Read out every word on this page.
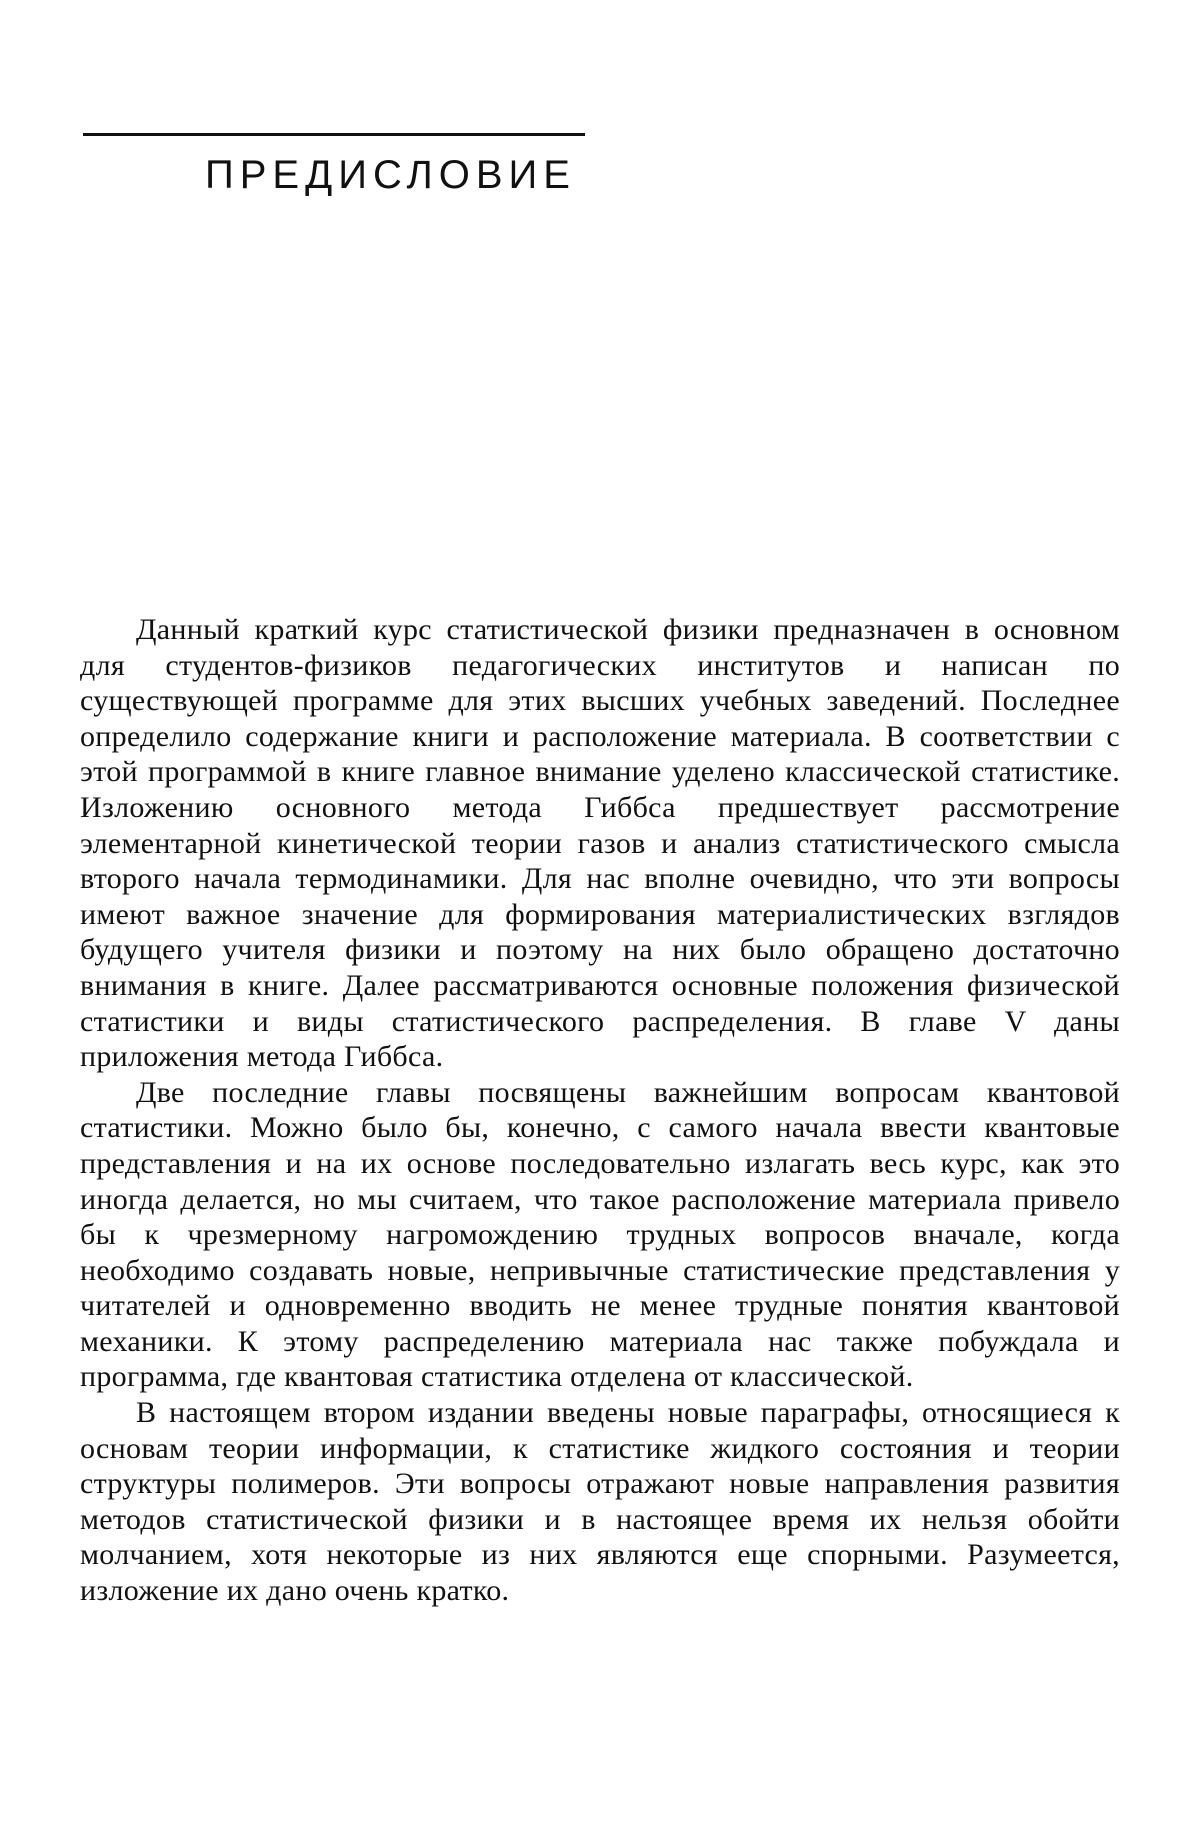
ПРЕДИСЛОВИЕ

Данный краткий курс статистической физики предназначен в основном для студентов-физиков педагогических институтов и написан по существующей программе для этих высших учебных заведений. Последнее определило содержание книги и расположение материала. В соответствии с этой программой в книге главное внимание уделено классической статистике. Изложению основного метода Гиббса предшествует рассмотрение элементарной кинетической теории газов и анализ статистического смысла второго начала термодинамики. Для нас вполне очевидно, что эти вопросы имеют важное значение для формирования материалистических взглядов будущего учителя физики и поэтому на них было обращено достаточно внимания в книге. Далее рассматриваются основные положения физической статистики и виды статистического распределения. В главе V даны приложения метода Гиббса.

Две последние главы посвящены важнейшим вопросам квантовой статистики. Можно было бы, конечно, с самого начала ввести квантовые представления и на их основе последовательно излагать весь курс, как это иногда делается, но мы считаем, что такое расположение материала привело бы к чрезмерному нагромождению трудных вопросов вначале, когда необходимо создавать новые, непривычные статистические представления у читателей и одновременно вводить не менее трудные понятия квантовой механики. К этому распределению материала нас также побуждала и программа, где квантовая статистика отделена от классической.

В настоящем втором издании введены новые параграфы, относящиеся к основам теории информации, к статистике жидкого состояния и теории структуры полимеров. Эти вопросы отражают новые направления развития методов статистической физики и в настоящее время их нельзя обойти молчанием, хотя некоторые из них являются еще спорными. Разумеется, изложение их дано очень кратко.
